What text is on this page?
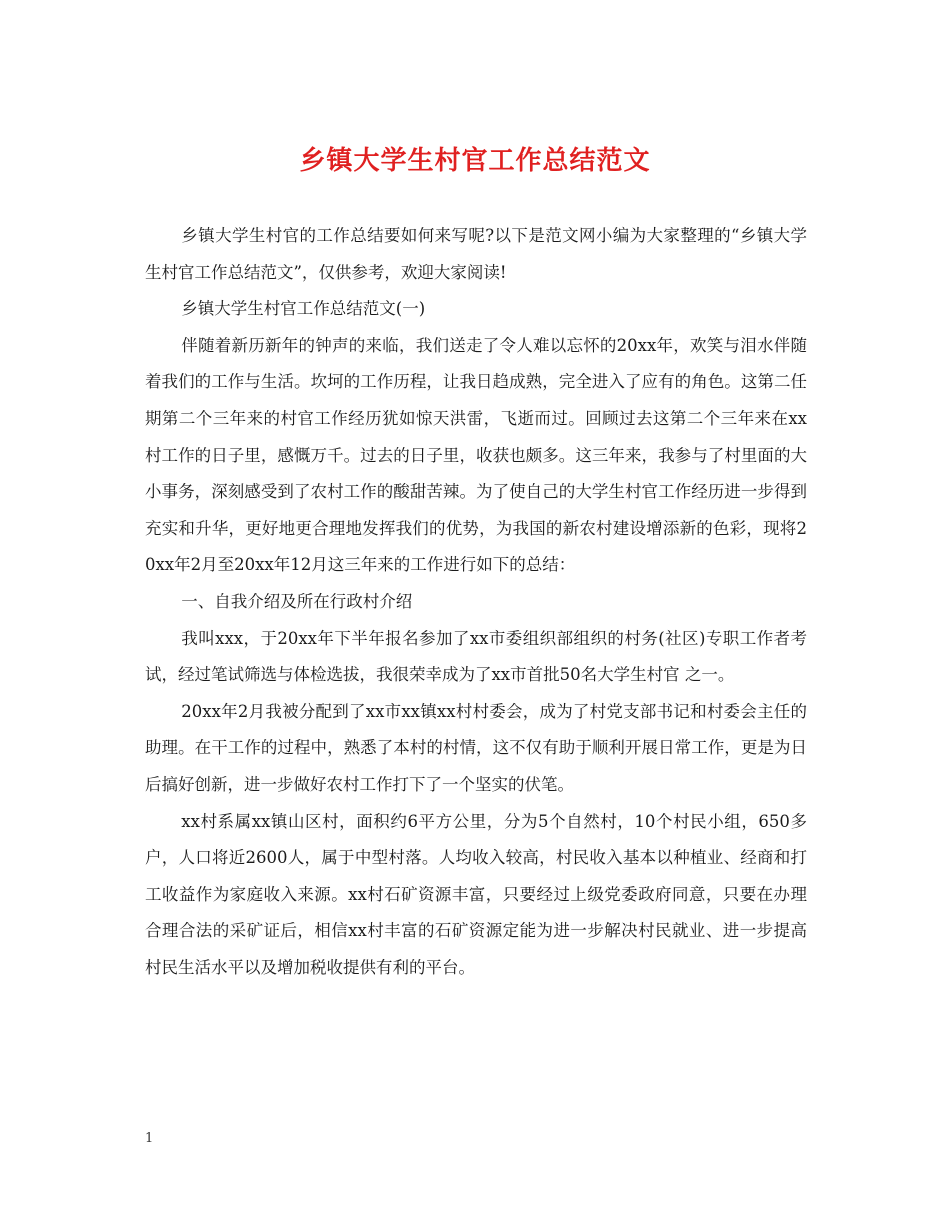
乡镇大学生村官工作总结范文

乡镇大学生村官的工作总结要如何来写呢?以下是范文网小编为大家整理的“乡镇大学生村官工作总结范文”，仅供参考，欢迎大家阅读!

乡镇大学生村官工作总结范文(一)

伴随着新历新年的钟声的来临，我们送走了令人难以忘怀的20xx年，欢笑与泪水伴随着我们的工作与生活。坎坷的工作历程，让我日趋成熟，完全进入了应有的角色。这第二任期第二个三年来的村官工作经历犹如惊天洪雷，飞逝而过。回顾过去这第二个三年来在xx村工作的日子里，感慨万千。过去的日子里，收获也颇多。这三年来，我参与了村里面的大小事务，深刻感受到了农村工作的酸甜苦辣。为了使自己的大学生村官工作经历进一步得到充实和升华，更好地更合理地发挥我们的优势，为我国的新农村建设增添新的色彩，现将20xx年2月至20xx年12月这三年来的工作进行如下的总结：

一、自我介绍及所在行政村介绍

我叫xxx，于20xx年下半年报名参加了xx市委组织部组织的村务(社区)专职工作者考试，经过笔试筛选与体检选拔，我很荣幸成为了xx市首批50名大学生村官 之一。

20xx年2月我被分配到了xx市xx镇xx村村委会，成为了村党支部书记和村委会主任的助理。在干工作的过程中，熟悉了本村的村情，这不仅有助于顺利开展日常工作，更是为日后搞好创新，进一步做好农村工作打下了一个坚实的伏笔。

xx村系属xx镇山区村，面积约6平方公里，分为5个自然村，10个村民小组，650多户，人口将近2600人，属于中型村落。人均收入较高，村民收入基本以种植业、经商和打工收益作为家庭收入来源。xx村石矿资源丰富，只要经过上级党委政府同意，只要在办理合理合法的采矿证后，相信xx村丰富的石矿资源定能为进一步解决村民就业、进一步提高村民生活水平以及增加税收提供有利的平台。

1
